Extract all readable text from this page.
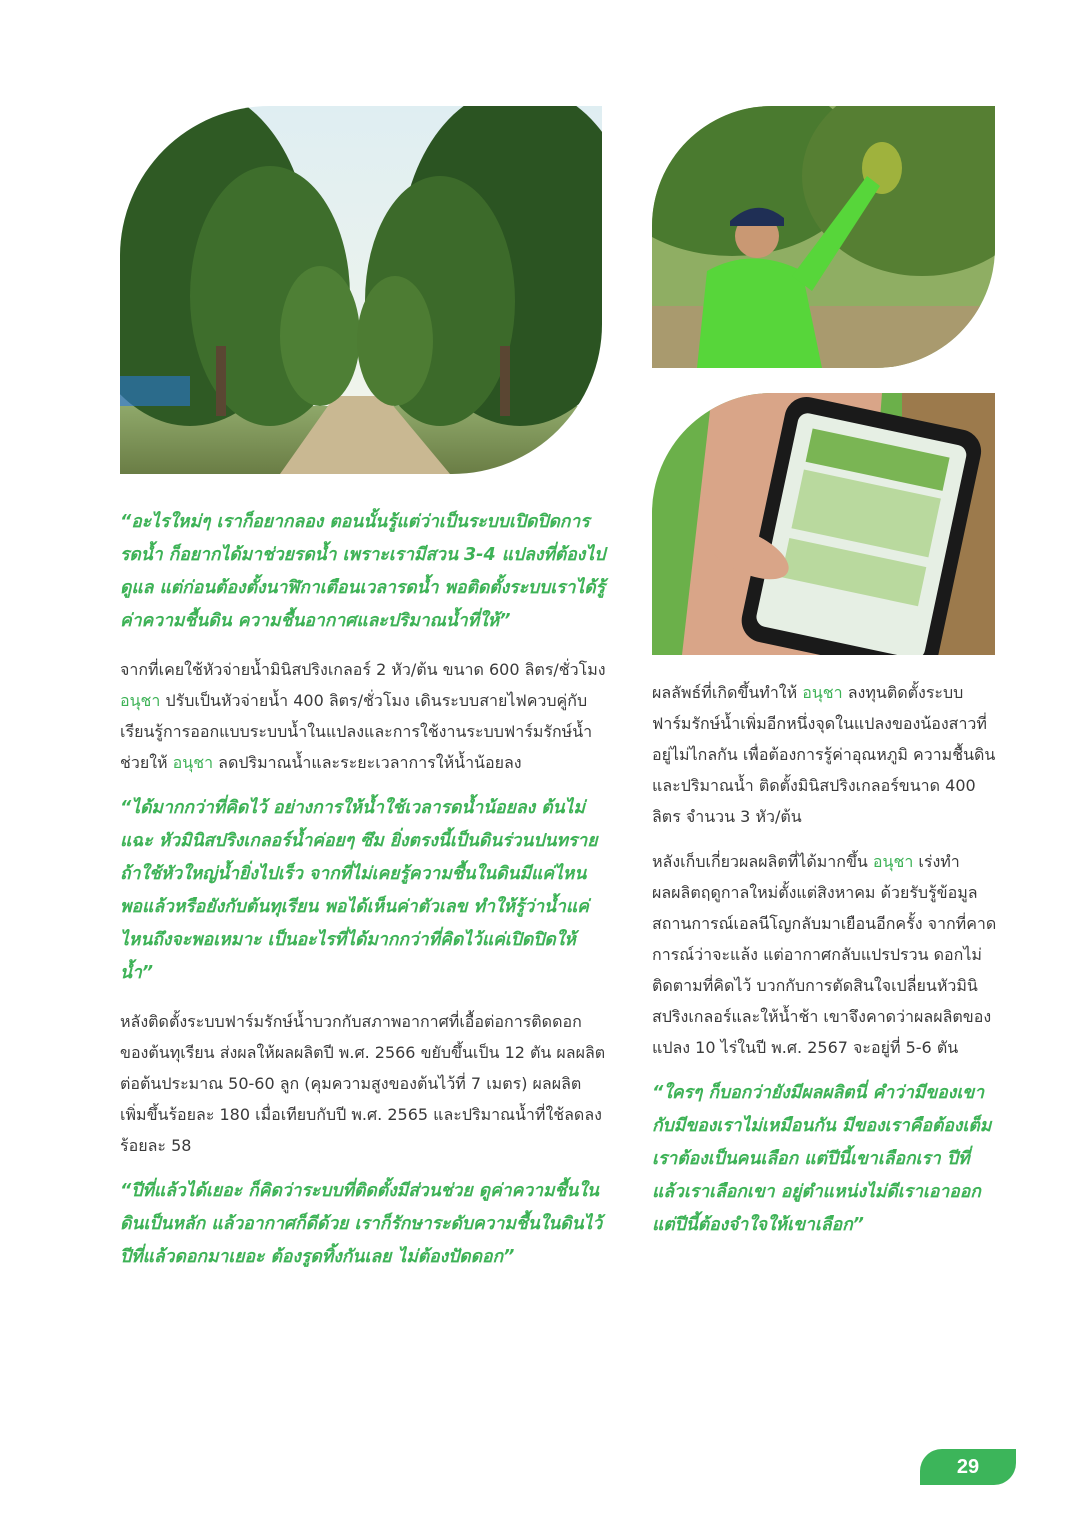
“อะไรใหม่ๆ เราก็อยากลอง ตอนนั้นรู้แต่ว่าเป็นระบบเปิดปิดการรดน้ำ ก็อยากได้มาช่วยรดน้ำ เพราะเรามีสวน 3-4 แปลงที่ต้องไปดูแล แต่ก่อนต้องตั้งนาฬิกาเตือนเวลารดน้ำ พอติดตั้งระบบเราได้รู้ค่าความชื้นดิน ความชื้นอากาศและปริมาณน้ำที่ให้”

จากที่เคยใช้หัวจ่ายน้ำมินิสปริงเกลอร์ 2 หัว/ต้น ขนาด 600 ลิตร/ชั่วโมง อนุชา ปรับเป็นหัวจ่ายน้ำ 400 ลิตร/ชั่วโมง เดินระบบสายไฟควบคู่กับเรียนรู้การออกแบบระบบน้ำในแปลงและการใช้งานระบบฟาร์มรักษ์น้ำ ช่วยให้ อนุชา ลดปริมาณน้ำและระยะเวลาการให้น้ำน้อยลง

“ได้มากกว่าที่คิดไว้ อย่างการให้น้ำใช้เวลารดน้ำน้อยลง ต้นไม่แฉะ หัวมินิสปริงเกลอร์น้ำค่อยๆ ซึม ยิ่งตรงนี้เป็นดินร่วนปนทราย ถ้าใช้หัวใหญ่น้ำยิ่งไปเร็ว จากที่ไม่เคยรู้ความชื้นในดินมีแค่ไหน พอแล้วหรือยังกับต้นทุเรียน พอได้เห็นค่าตัวเลข ทำให้รู้ว่าน้ำแค่ไหนถึงจะพอเหมาะ เป็นอะไรที่ได้มากกว่าที่คิดไว้แค่เปิดปิดให้น้ำ”

หลังติดตั้งระบบฟาร์มรักษ์น้ำบวกกับสภาพอากาศที่เอื้อต่อการติดดอกของต้นทุเรียน ส่งผลให้ผลผลิตปี พ.ศ. 2566 ขยับขึ้นเป็น 12 ตัน ผลผลิตต่อต้นประมาณ 50-60 ลูก (คุมความสูงของต้นไว้ที่ 7 เมตร) ผลผลิตเพิ่มขึ้นร้อยละ 180 เมื่อเทียบกับปี พ.ศ. 2565 และปริมาณน้ำที่ใช้ลดลงร้อยละ 58

“ปีที่แล้วได้เยอะ ก็คิดว่าระบบที่ติดตั้งมีส่วนช่วย ดูค่าความชื้นในดินเป็นหลัก แล้วอากาศก็ดีด้วย เราก็รักษาระดับความชื้นในดินไว้ ปีที่แล้วดอกมาเยอะ ต้องรูดทิ้งกันเลย ไม่ต้องปัดดอก”

ผลลัพธ์ที่เกิดขึ้นทำให้ อนุชา ลงทุนติดตั้งระบบฟาร์มรักษ์น้ำเพิ่มอีกหนึ่งจุดในแปลงของน้องสาวที่อยู่ไม่ไกลกัน เพื่อต้องการรู้ค่าอุณหภูมิ ความชื้นดินและปริมาณน้ำ ติดตั้งมินิสปริงเกลอร์ขนาด 400 ลิตร จำนวน 3 หัว/ต้น

หลังเก็บเกี่ยวผลผลิตที่ได้มากขึ้น อนุชา เร่งทำผลผลิตฤดูกาลใหม่ตั้งแต่สิงหาคม ด้วยรับรู้ข้อมูลสถานการณ์เอลนีโญกลับมาเยือนอีกครั้ง จากที่คาดการณ์ว่าจะแล้ง แต่อากาศกลับแปรปรวน ดอกไม่ติดตามที่คิดไว้ บวกกับการตัดสินใจเปลี่ยนหัวมินิสปริงเกลอร์และให้น้ำช้า เขาจึงคาดว่าผลผลิตของแปลง 10 ไร่ในปี พ.ศ. 2567 จะอยู่ที่ 5-6 ตัน

“ใครๆ ก็บอกว่ายังมีผลผลิตนี่ คำว่ามีของเขากับมีของเราไม่เหมือนกัน มีของเราคือต้องเต็ม เราต้องเป็นคนเลือก แต่ปีนี้เขาเลือกเรา ปีที่แล้วเราเลือกเขา อยู่ตำแหน่งไม่ดีเราเอาออก แต่ปีนี้ต้องจำใจให้เขาเลือก”

29
